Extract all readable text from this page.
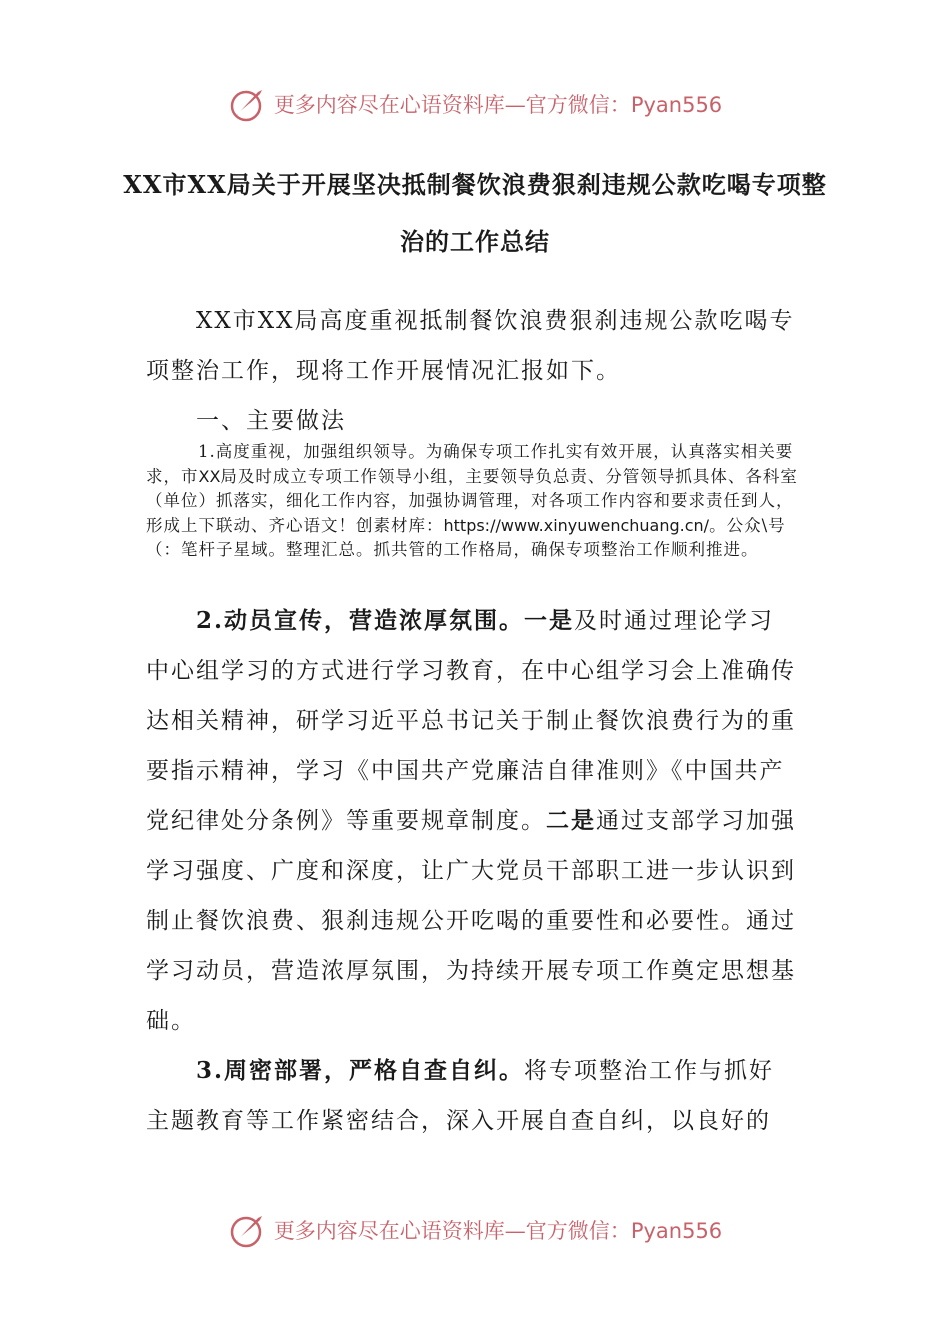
更多内容尽在心语资料库—官方微信：Pyan556
XX市XX局关于开展坚决抵制餐饮浪费狠刹违规公款吃喝专项整治的工作总结

XX市XX局高度重视抵制餐饮浪费狠刹违规公款吃喝专项整治工作，现将工作开展情况汇报如下。

一、主要做法

1.高度重视，加强组织领导。为确保专项工作扎实有效开展，认真落实相关要求，市XX局及时成立专项工作领导小组，主要领导负总责、分管领导抓具体、各科室（单位）抓落实，细化工作内容，加强协调管理，对各项工作内容和要求责任到人，形成上下联动、齐心语文！创素材库：https://www.xinyuwenchuang.cn/。公众\号（：笔杆子星域。整理汇总。抓共管的工作格局，确保专项整治工作顺利推进。

2.动员宣传，营造浓厚氛围。一是及时通过理论学习中心组学习的方式进行学习教育，在中心组学习会上准确传达相关精神，研学习近平总书记关于制止餐饮浪费行为的重要指示精神，学习《中国共产党廉洁自律准则》《中国共产党纪律处分条例》等重要规章制度。二是通过支部学习加强学习强度、广度和深度，让广大党员干部职工进一步认识到制止餐饮浪费、狠刹违规公开吃喝的重要性和必要性。通过学习动员，营造浓厚氛围，为持续开展专项工作奠定思想基础。

3.周密部署，严格自查自纠。将专项整治工作与抓好主题教育等工作紧密结合，深入开展自查自纠，以良好的

更多内容尽在心语资料库—官方微信：Pyan556
